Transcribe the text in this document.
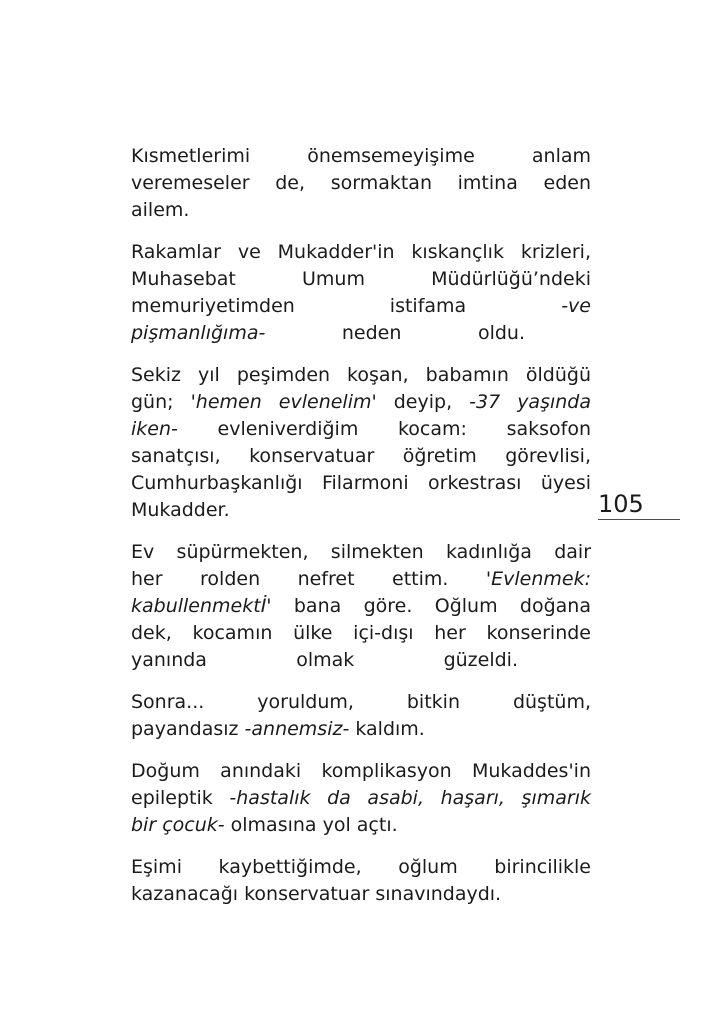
Kısmetlerimi önemsemeyişime anlam
veremeseler de, sormaktan imtina eden
ailem.
Rakamlar ve Mukadder'in kıskançlık krizleri,
Muhasebat Umum Müdürlüğü’ndeki
memuriyetimden istifama -ve
pişmanlığıma- neden oldu.
Sekiz yıl peşimden koşan, babamın öldüğü
gün; 'hemen evlenelim' deyip, -37 yaşında
iken- evleniverdiğim kocam: saksofon
sanatçısı, konservatuar öğretim görevlisi,
Cumhurbaşkanlığı Filarmoni orkestrası üyesi
Mukadder.
Ev süpürmekten, silmekten kadınlığa dair
her rolden nefret ettim. 'Evlenmek:
kabullenmektİ' bana göre. Oğlum doğana
dek, kocamın ülke içi-dışı her konserinde
yanında olmak güzeldi.
Sonra... yoruldum, bitkin düştüm,
payandasız -annemsiz- kaldım.
Doğum anındaki komplikasyon Mukaddes'in
epileptik -hastalık da asabi, haşarı, şımarık
bir çocuk- olmasına yol açtı.
Eşimi kaybettiğimde, oğlum birincilikle
kazanacağı konservatuar sınavındaydı.
105
